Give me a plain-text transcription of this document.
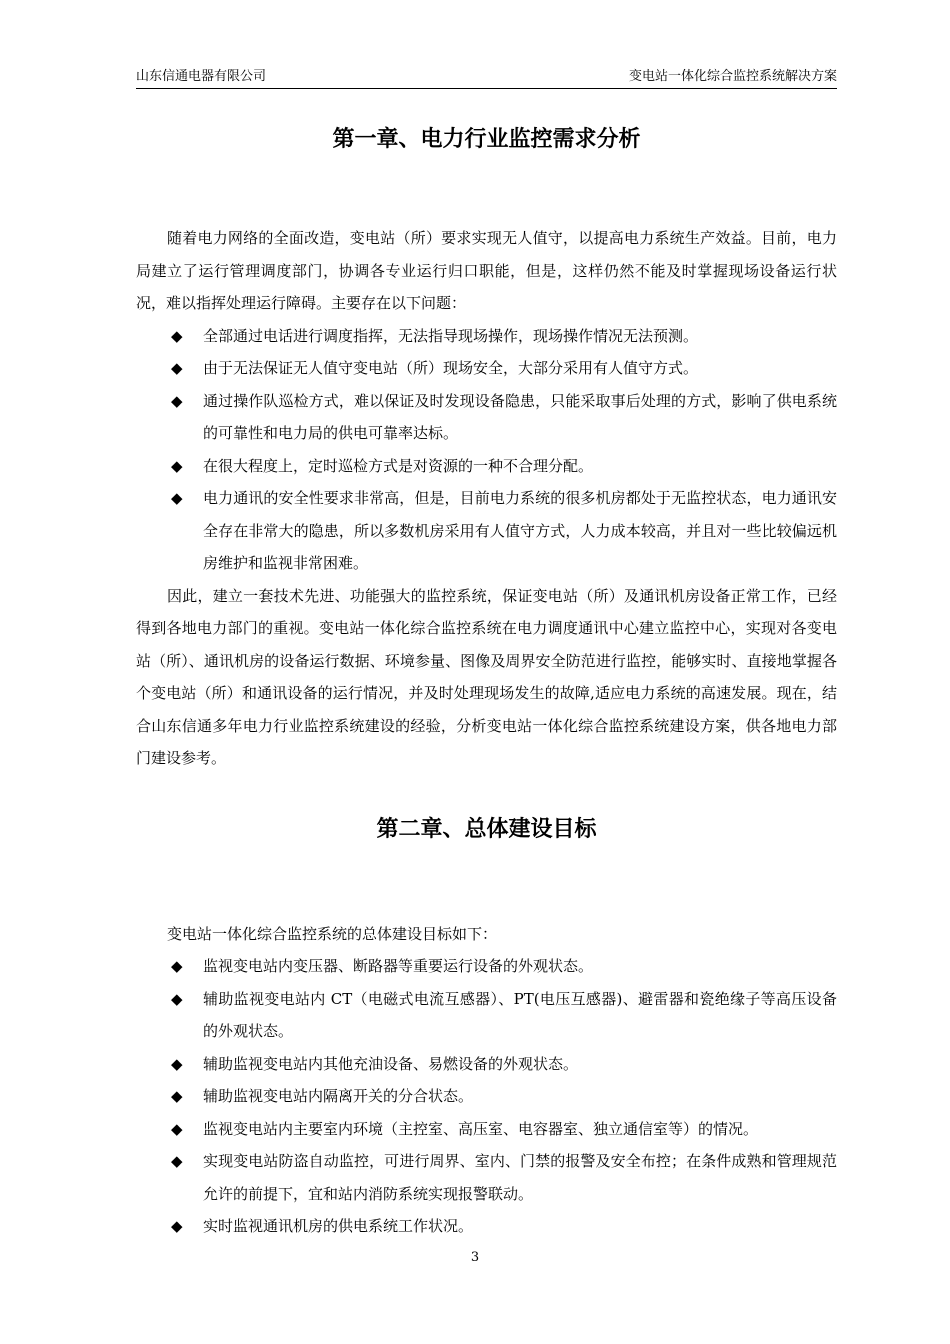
山东信通电器有限公司	变电站一体化综合监控系统解决方案
第一章、电力行业监控需求分析

随着电力网络的全面改造，变电站（所）要求实现无人值守，以提高电力系统生产效益。目前，电力局建立了运行管理调度部门，协调各专业运行归口职能，但是，这样仍然不能及时掌握现场设备运行状况，难以指挥处理运行障碍。主要存在以下问题：

◆ 全部通过电话进行调度指挥，无法指导现场操作，现场操作情况无法预测。
◆ 由于无法保证无人值守变电站（所）现场安全，大部分采用有人值守方式。
◆ 通过操作队巡检方式，难以保证及时发现设备隐患，只能采取事后处理的方式，影响了供电系统的可靠性和电力局的供电可靠率达标。
◆ 在很大程度上，定时巡检方式是对资源的一种不合理分配。
◆ 电力通讯的安全性要求非常高，但是，目前电力系统的很多机房都处于无监控状态，电力通讯安全存在非常大的隐患，所以多数机房采用有人值守方式，人力成本较高，并且对一些比较偏远机房维护和监视非常困难。

因此，建立一套技术先进、功能强大的监控系统，保证变电站（所）及通讯机房设备正常工作，已经得到各地电力部门的重视。变电站一体化综合监控系统在电力调度通讯中心建立监控中心，实现对各变电站（所）、通讯机房的设备运行数据、环境参量、图像及周界安全防范进行监控，能够实时、直接地掌握各个变电站（所）和通讯设备的运行情况，并及时处理现场发生的故障,适应电力系统的高速发展。现在，结合山东信通多年电力行业监控系统建设的经验，分析变电站一体化综合监控系统建设方案，供各地电力部门建设参考。

第二章、总体建设目标

变电站一体化综合监控系统的总体建设目标如下：

◆ 监视变电站内变压器、断路器等重要运行设备的外观状态。
◆ 辅助监视变电站内 CT（电磁式电流互感器）、PT(电压互感器)、避雷器和瓷绝缘子等高压设备的外观状态。
◆ 辅助监视变电站内其他充油设备、易燃设备的外观状态。
◆ 辅助监视变电站内隔离开关的分合状态。
◆ 监视变电站内主要室内环境（主控室、高压室、电容器室、独立通信室等）的情况。
◆ 实现变电站防盗自动监控，可进行周界、室内、门禁的报警及安全布控；在条件成熟和管理规范允许的前提下，宜和站内消防系统实现报警联动。
◆ 实时监视通讯机房的供电系统工作状况。
3
